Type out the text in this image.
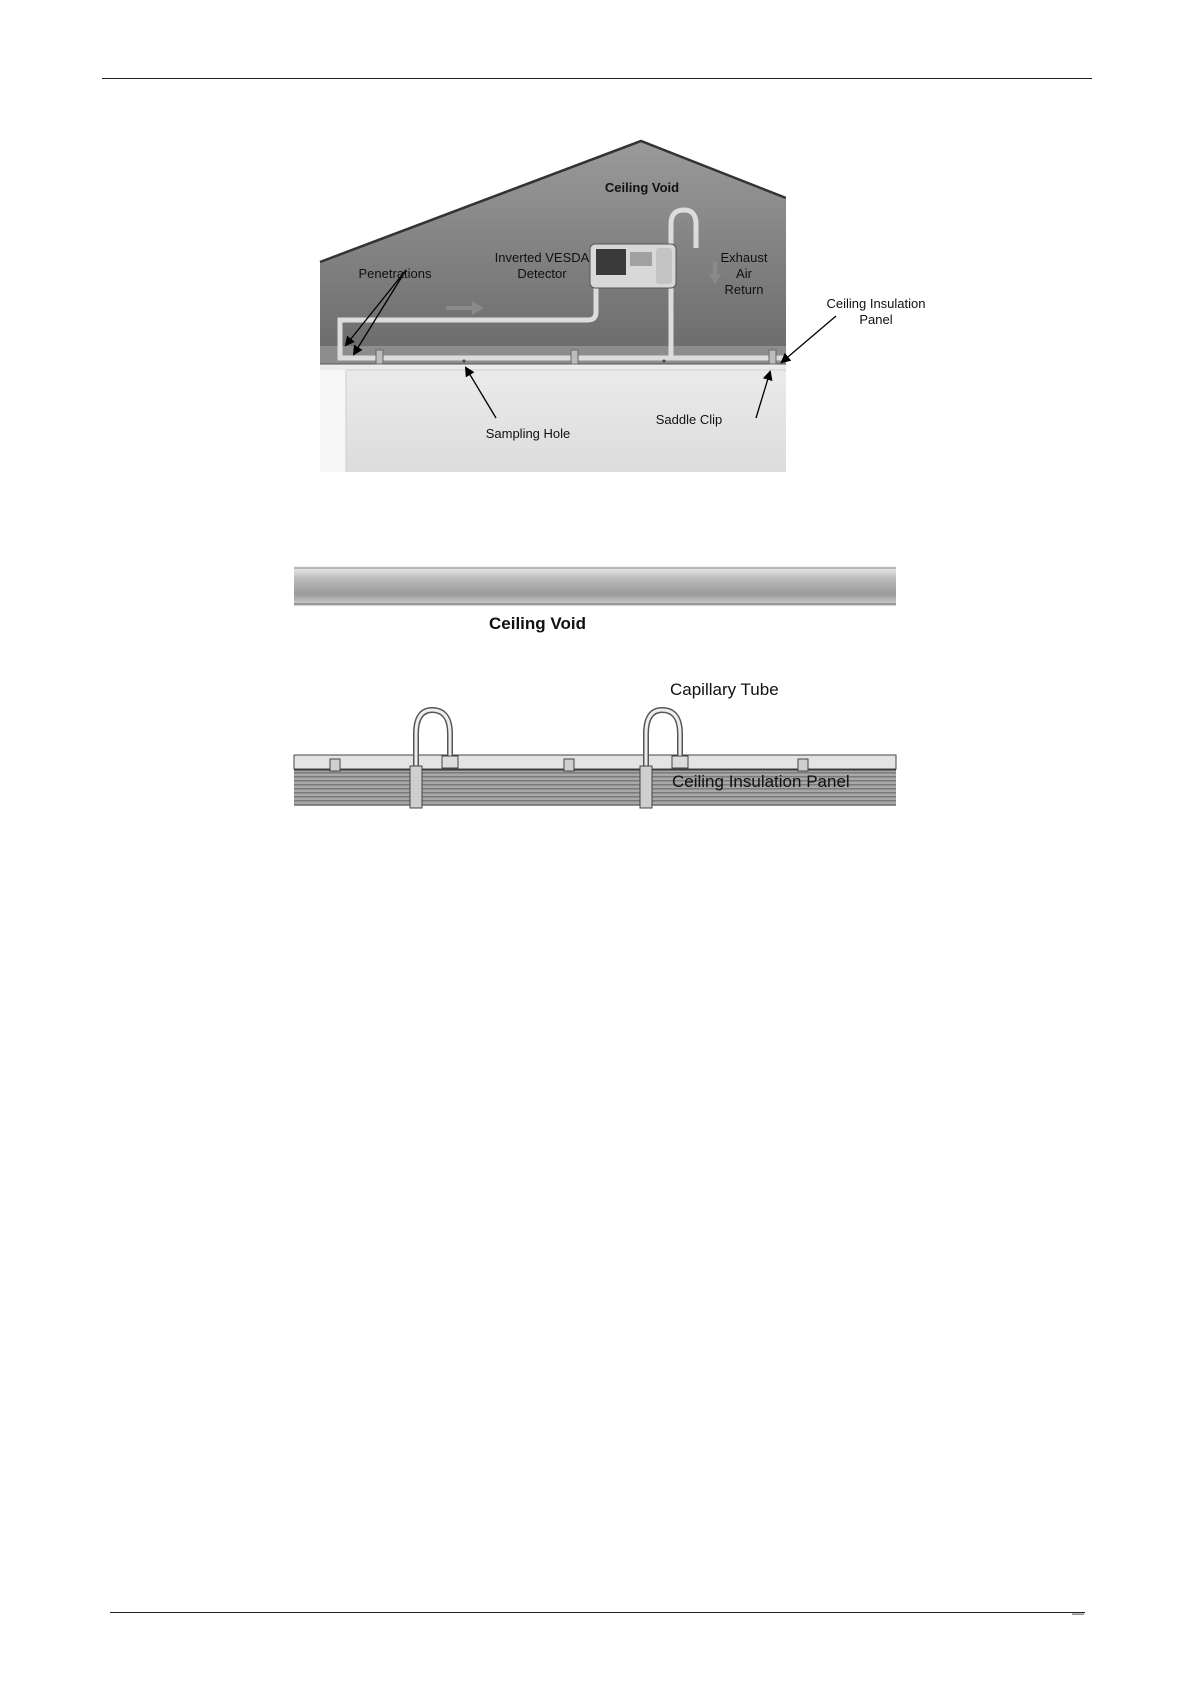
Ceiling Void
Penetrations
Inverted VESDA
Detector
Exhaust
Air
Return
Ceiling Insulation
Panel
Sampling Hole
Saddle Clip
Ceiling Void
Capillary Tube
Ceiling Insulation Panel
—
